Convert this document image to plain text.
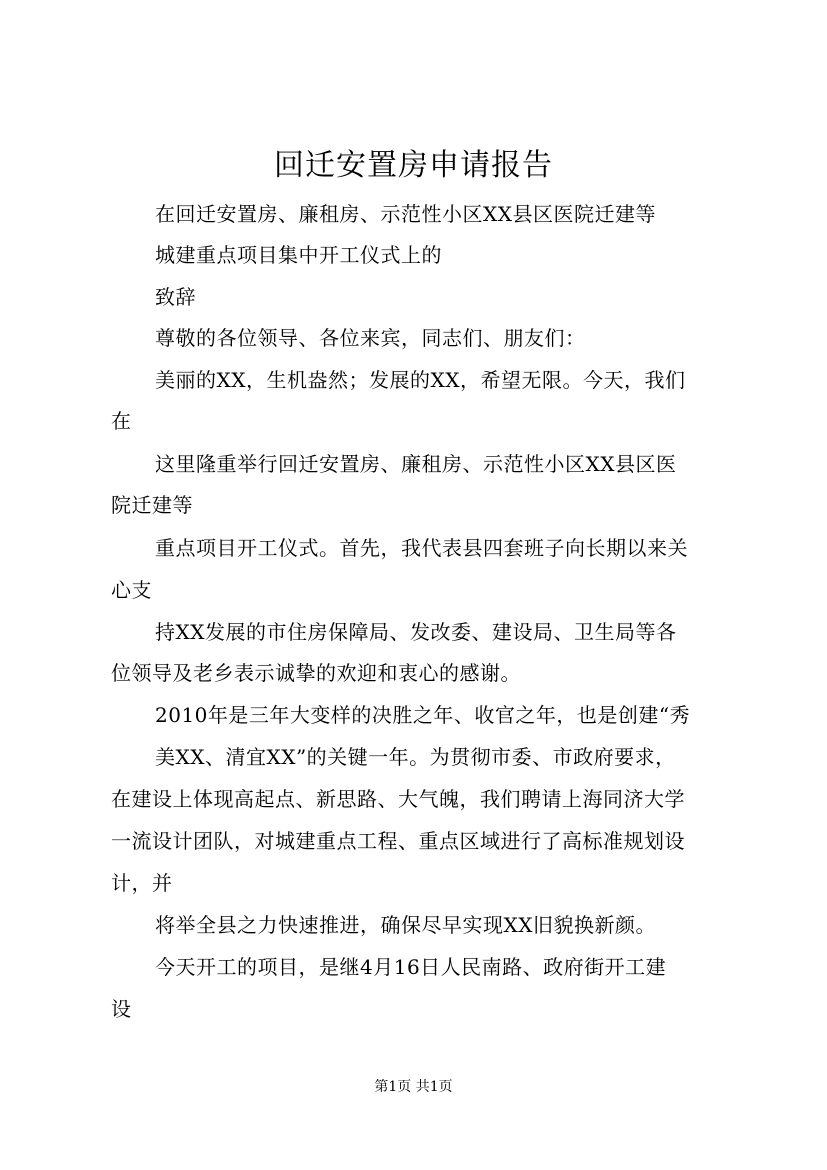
回迁安置房申请报告
在回迁安置房、廉租房、示范性小区XX县区医院迁建等
城建重点项目集中开工仪式上的
致辞
尊敬的各位领导、各位来宾，同志们、朋友们：
美丽的XX，生机盎然；发展的XX，希望无限。今天，我们
在
这里隆重举行回迁安置房、廉租房、示范性小区XX县区医
院迁建等
重点项目开工仪式。首先，我代表县四套班子向长期以来关
心支
持XX发展的市住房保障局、发改委、建设局、卫生局等各
位领导及老乡表示诚挚的欢迎和衷心的感谢。
2010年是三年大变样的决胜之年、收官之年，也是创建“秀
美XX、清宜XX”的关键一年。为贯彻市委、市政府要求，
在建设上体现高起点、新思路、大气魄，我们聘请上海同济大学
一流设计团队，对城建重点工程、重点区域进行了高标准规划设
计，并
将举全县之力快速推进，确保尽早实现XX旧貌换新颜。
今天开工的项目，是继4月16日人民南路、政府街开工建
设
第1页 共1页
